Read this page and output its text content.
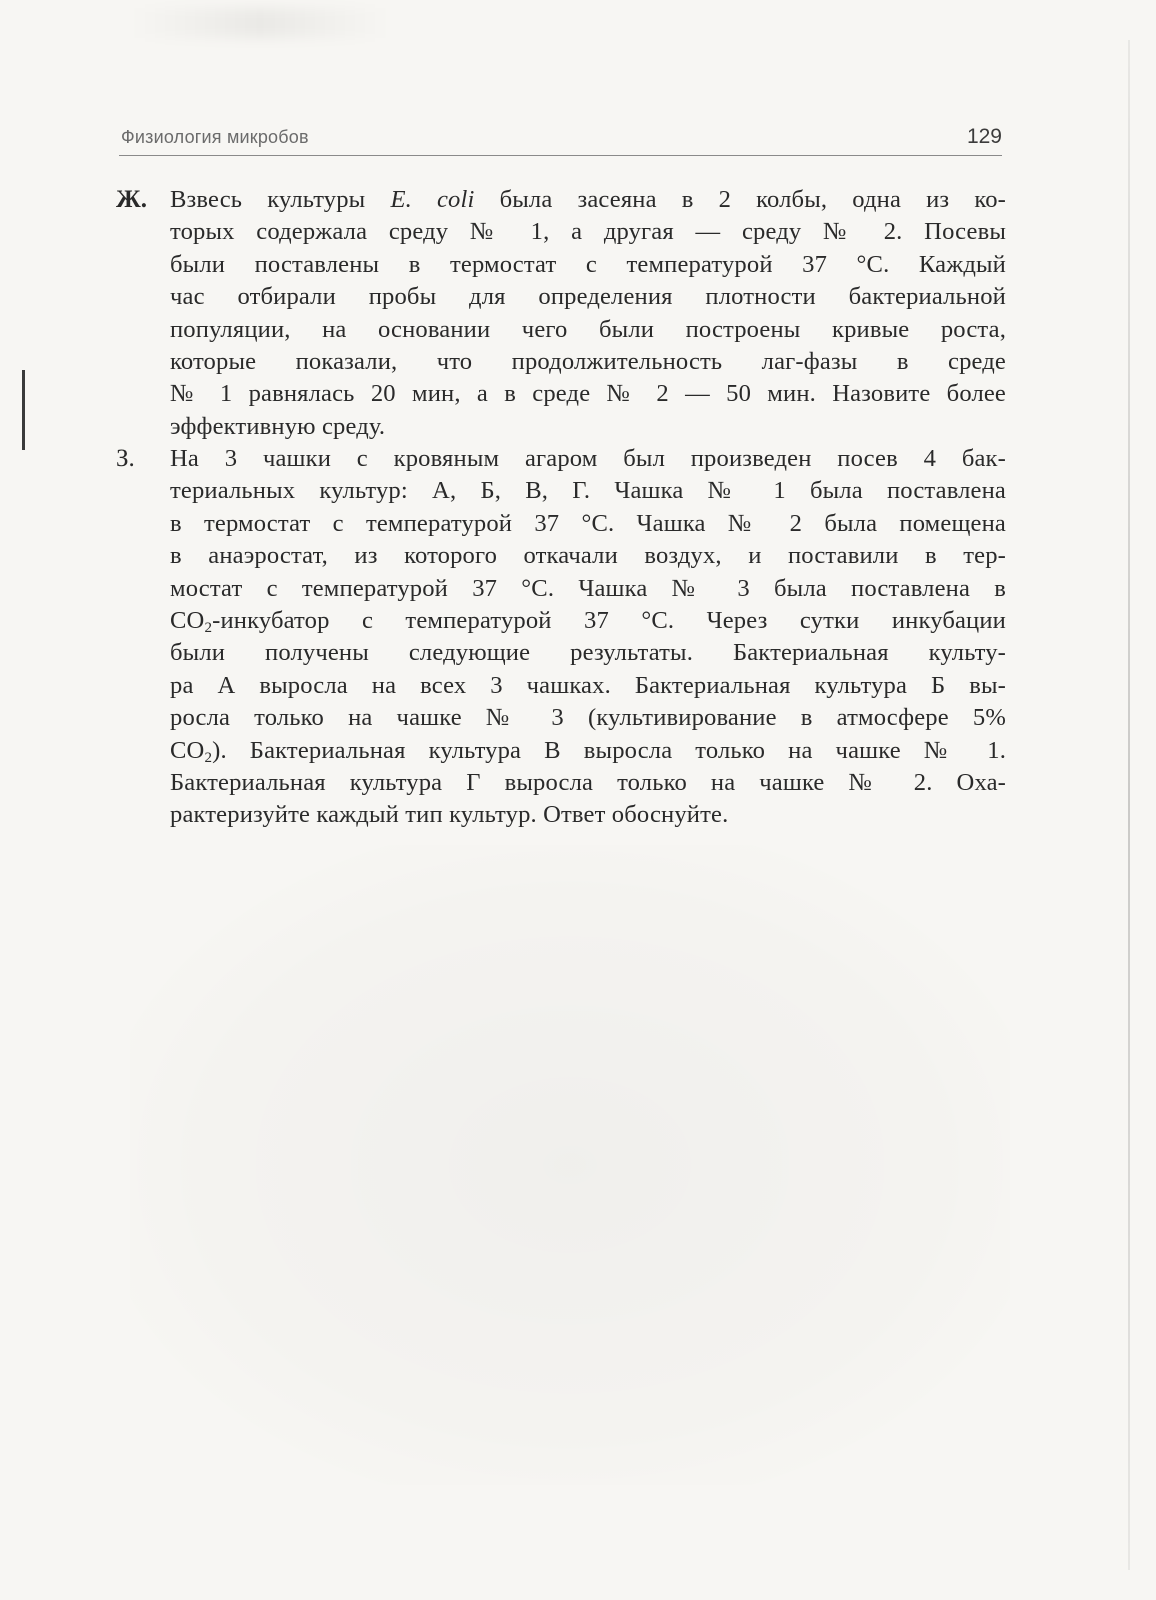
Физиология микробов	129
Ж. Взвесь культуры E. coli была засеяна в 2 колбы, одна из ко-
торых содержала среду № 1, а другая — среду № 2. Посевы
были поставлены в термостат с температурой 37 °С. Каждый
час отбирали пробы для определения плотности бактериальной
популяции, на основании чего были построены кривые роста,
которые показали, что продолжительность лаг-фазы в среде
№ 1 равнялась 20 мин, а в среде № 2 — 50 мин. Назовите более
эффективную среду.
З. На 3 чашки с кровяным агаром был произведен посев 4 бак-
териальных культур: А, Б, В, Г. Чашка № 1 была поставлена
в термостат с температурой 37 °С. Чашка № 2 была помещена
в анаэростат, из которого откачали воздух, и поставили в тер-
мостат с температурой 37 °С. Чашка № 3 была поставлена в
$CO_2$-инкубатор с температурой 37 °С. Через сутки инкубации
были получены следующие результаты. Бактериальная культу-
ра А выросла на всех 3 чашках. Бактериальная культура Б вы-
росла только на чашке № 3 (культивирование в атмосфере 5%
$CO_2$). Бактериальная культура В выросла только на чашке № 1.
Бактериальная культура Г выросла только на чашке № 2. Оха-
рактеризуйте каждый тип культур. Ответ обоснуйте.
